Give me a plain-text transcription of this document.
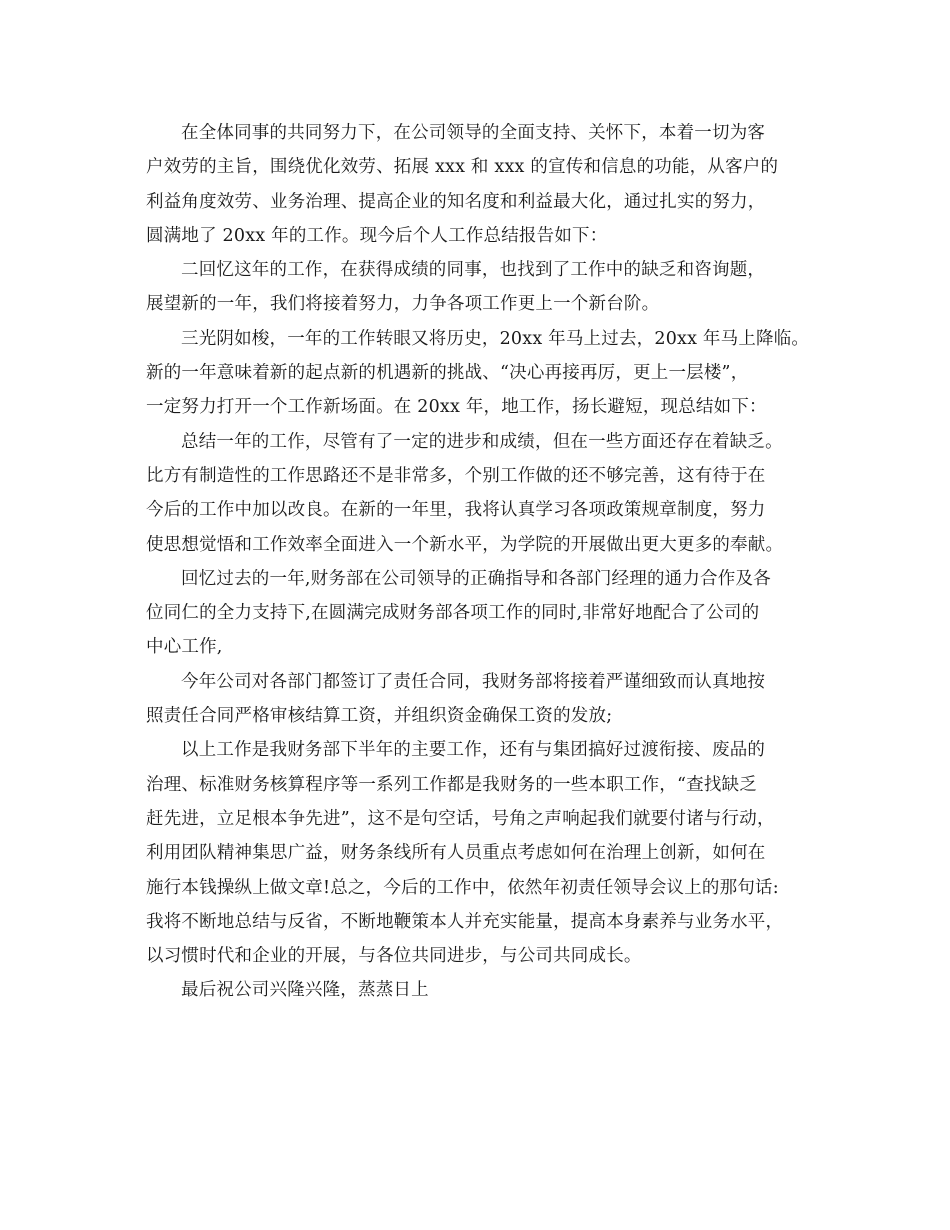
在全体同事的共同努力下，在公司领导的全面支持、关怀下，本着一切为客
户效劳的主旨，围绕优化效劳、拓展 xxx 和 xxx 的宣传和信息的功能，从客户的
利益角度效劳、业务治理、提高企业的知名度和利益最大化，通过扎实的努力，
圆满地了 20xx 年的工作。现今后个人工作总结报告如下：
二回忆这年的工作，在获得成绩的同事，也找到了工作中的缺乏和咨询题，
展望新的一年，我们将接着努力，力争各项工作更上一个新台阶。
三光阴如梭，一年的工作转眼又将历史，20xx 年马上过去，20xx 年马上降临。
新的一年意味着新的起点新的机遇新的挑战、“决心再接再厉，更上一层楼”，
一定努力打开一个工作新场面。在 20xx 年，地工作，扬长避短，现总结如下：
总结一年的工作，尽管有了一定的进步和成绩，但在一些方面还存在着缺乏。
比方有制造性的工作思路还不是非常多，个别工作做的还不够完善，这有待于在
今后的工作中加以改良。在新的一年里，我将认真学习各项政策规章制度，努力
使思想觉悟和工作效率全面进入一个新水平，为学院的开展做出更大更多的奉献。
回忆过去的一年,财务部在公司领导的正确指导和各部门经理的通力合作及各
位同仁的全力支持下,在圆满完成财务部各项工作的同时,非常好地配合了公司的
中心工作,
今年公司对各部门都签订了责任合同，我财务部将接着严谨细致而认真地按
照责任合同严格审核结算工资，并组织资金确保工资的发放;
以上工作是我财务部下半年的主要工作，还有与集团搞好过渡衔接、废品的
治理、标准财务核算程序等一系列工作都是我财务的一些本职工作，“查找缺乏
赶先进，立足根本争先进”，这不是句空话，号角之声响起我们就要付诸与行动，
利用团队精神集思广益，财务条线所有人员重点考虑如何在治理上创新，如何在
施行本钱操纵上做文章!总之，今后的工作中，依然年初责任领导会议上的那句话:
我将不断地总结与反省，不断地鞭策本人并充实能量，提高本身素养与业务水平，
以习惯时代和企业的开展，与各位共同进步，与公司共同成长。
最后祝公司兴隆兴隆，蒸蒸日上
